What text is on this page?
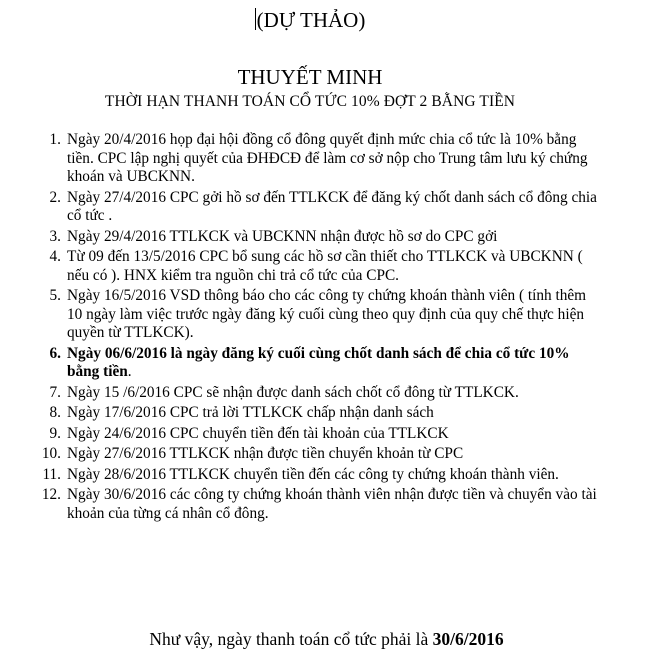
(DỰ THẢO)
THUYẾT MINH
THỜI HẠN THANH TOÁN CỔ TỨC 10% ĐỢT 2 BẰNG TIỀN
1. Ngày 20/4/2016 họp đại hội đồng cổ đông quyết định mức chia cổ tức là 10% bằng tiền. CPC lập nghị quyết của ĐHĐCĐ để làm cơ sở nộp cho Trung tâm lưu ký chứng khoán và UBCKNN.
2. Ngày 27/4/2016 CPC gởi hồ sơ đến TTLKCK để đăng ký chốt danh sách cổ đông chia cổ tức .
3. Ngày 29/4/2016 TTLKCK và UBCKNN nhận được hồ sơ do CPC gởi
4. Từ 09 đến 13/5/2016 CPC bổ sung các hồ sơ cần thiết cho TTLKCK và UBCKNN ( nếu có ). HNX kiểm tra nguồn chi trả cổ tức của CPC.
5. Ngày 16/5/2016 VSD thông báo cho các công ty chứng khoán thành viên ( tính thêm 10 ngày làm việc trước ngày đăng ký cuối cùng theo quy định của quy chế thực hiện quyền từ TTLKCK).
6. Ngày 06/6/2016 là ngày đăng ký cuối cùng chốt danh sách để chia cổ tức 10% bằng tiền.
7. Ngày 15 /6/2016 CPC sẽ nhận được danh sách chốt cổ đông từ TTLKCK.
8. Ngày 17/6/2016 CPC trả lời TTLKCK chấp nhận danh sách
9. Ngày 24/6/2016 CPC chuyển tiền đến tài khoản của TTLKCK
10. Ngày 27/6/2016 TTLKCK nhận được tiền chuyển khoản từ CPC
11. Ngày 28/6/2016 TTLKCK chuyển tiền đến các công ty chứng khoán thành viên.
12. Ngày 30/6/2016 các công ty chứng khoán thành viên nhận được tiền và chuyển vào tài khoản của từng cá nhân cổ đông.
Như vậy, ngày thanh toán cổ tức phải là 30/6/2016
